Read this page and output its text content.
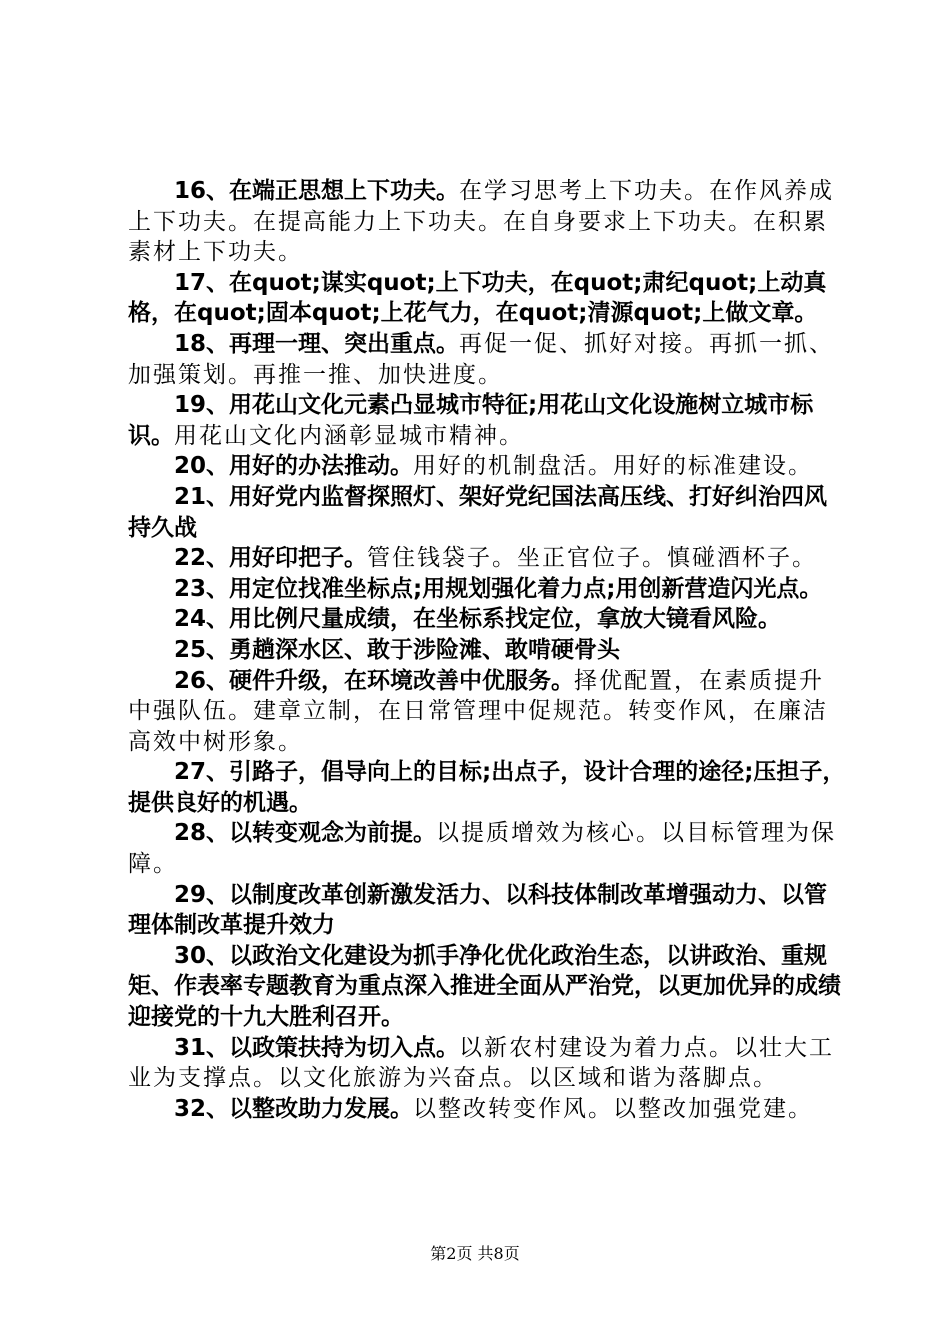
16、在端正思想上下功夫。在学习思考上下功夫。在作风养成上下功夫。在提高能力上下功夫。在自身要求上下功夫。在积累素材上下功夫。

17、在quot;谋实quot;上下功夫，在quot;肃纪quot;上动真格，在quot;固本quot;上花气力，在quot;清源quot;上做文章。

18、再理一理、突出重点。再促一促、抓好对接。再抓一抓、加强策划。再推一推、加快进度。

19、用花山文化元素凸显城市特征;用花山文化设施树立城市标识。用花山文化内涵彰显城市精神。

20、用好的办法推动。用好的机制盘活。用好的标准建设。

21、用好党内监督探照灯、架好党纪国法高压线、打好纠治四风持久战

22、用好印把子。管住钱袋子。坐正官位子。慎碰酒杯子。

23、用定位找准坐标点;用规划强化着力点;用创新营造闪光点。

24、用比例尺量成绩，在坐标系找定位，拿放大镜看风险。

25、勇趟深水区、敢于涉险滩、敢啃硬骨头

26、硬件升级，在环境改善中优服务。择优配置，在素质提升中强队伍。建章立制，在日常管理中促规范。转变作风，在廉洁高效中树形象。

27、引路子，倡导向上的目标;出点子，设计合理的途径;压担子，提供良好的机遇。

28、以转变观念为前提。以提质增效为核心。以目标管理为保障。

29、以制度改革创新激发活力、以科技体制改革增强动力、以管理体制改革提升效力

30、以政治文化建设为抓手净化优化政治生态，以讲政治、重规矩、作表率专题教育为重点深入推进全面从严治党，以更加优异的成绩迎接党的十九大胜利召开。

31、以政策扶持为切入点。以新农村建设为着力点。以壮大工业为支撑点。以文化旅游为兴奋点。以区域和谐为落脚点。

32、以整改助力发展。以整改转变作风。以整改加强党建。

第2页 共8页
